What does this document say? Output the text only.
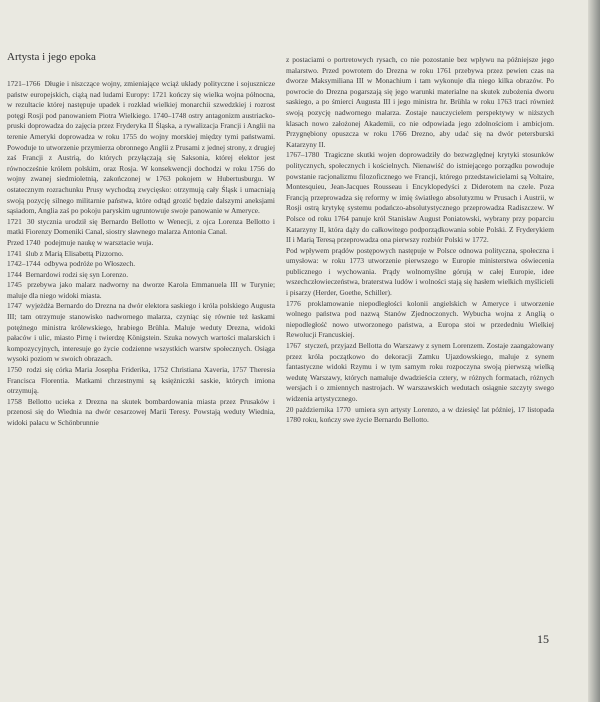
Artysta i jego epoka

1721–1766 Długie i niszczące wojny, zmieniające wciąż układy polityczne i sojusznicze państw europejskich, ciążą nad ludami Europy: 1721 kończy się wielka wojna północna, w rezultacie której następuje upadek i rozkład wielkiej monarchii szwedzkiej i rozrost potęgi Rosji pod panowaniem Piotra Wielkiego. 1740–1748 ostry antagonizm austriacko-pruski doprowadza do zajęcia przez Fryderyka II Śląska, a rywalizacja Francji i Anglii na terenie Ameryki doprowadza w roku 1755 do wojny morskiej między tymi państwami. Powoduje to utworzenie przymierza obronnego Anglii z Prusami z jednej strony, z drugiej zaś Francji z Austrią, do których przyłączają się Saksonia, której elektor jest równocześnie królem polskim, oraz Rosja. W konsekwencji dochodzi w roku 1756 do wojny zwanej siedmioletnią, zakończonej w 1763 pokojem w Hubertusburgu. W ostatecznym rozrachunku Prusy wychodzą zwycięsko: otrzymują cały Śląsk i umacniają swoją pozycję silnego militarnie państwa, które odtąd grozić będzie dalszymi aneksjami sąsiadom, Anglia zaś po pokoju paryskim ugruntowuje swoje panowanie w Ameryce.

1721 30 stycznia urodził się Bernardo Bellotto w Wenecji, z ojca Lorenza Bellotto i matki Fiorenzy Domeniki Canal, siostry sławnego malarza Antonia Canal.

Przed 1740 podejmuje naukę w warsztacie wuja.

1741 ślub z Marią Elisabettą Pizzorno.

1742–1744 odbywa podróże po Włoszech.

1744 Bernardowi rodzi się syn Lorenzo.

1745 przebywa jako malarz nadworny na dworze Karola Emmanuela III w Turynie; maluje dla niego widoki miasta.

1747 wyjeżdża Bernardo do Drezna na dwór elektora saskiego i króla polskiego Augusta III; tam otrzymuje stanowisko nadwornego malarza, czyniąc się równie też łaskami potężnego ministra królewskiego, hrabiego Brühla. Maluje weduty Drezna, widoki pałaców i ulic, miasto Pirnę i twierdzę Königstein. Szuka nowych wartości malarskich i kompozycyjnych, interesuje go życie codzienne wszystkich warstw społecznych. Osiąga wysoki poziom w swoich obrazach.

1750 rodzi się córka Maria Josepha Friderika, 1752 Christiana Xaveria, 1757 Theresia Francisca Florentia. Matkami chrzestnymi są księżniczki saskie, których imiona otrzymują.

1758 Bellotto ucieka z Drezna na skutek bombardowania miasta przez Prusaków i przenosi się do Wiednia na dwór cesarzowej Marii Teresy. Powstają weduty Wiednia, widoki pałacu w Schönbrunnie

z postaciami o portretowych rysach, co nie pozostanie bez wpływu na późniejsze jego malarstwo. Przed powrotem do Drezna w roku 1761 przebywa przez pewien czas na dworze Maksymiliana III w Monachium i tam wykonuje dla niego kilka obrazów. Po powrocie do Drezna pogarszają się jego warunki materialne na skutek zubożenia dworu saskiego, a po śmierci Augusta III i jego ministra hr. Brühla w roku 1763 traci również swoją pozycję nadwornego malarza. Zostaje nauczycielem perspektywy w niższych klasach nowo założonej Akademii, co nie odpowiada jego zdolnościom i ambicjom. Przygnębiony opuszcza w roku 1766 Drezno, aby udać się na dwór petersburski Katarzyny II.

1767–1780 Tragiczne skutki wojen doprowadziły do bezwzględnej krytyki stosunków politycznych, społecznych i kościelnych. Nienawiść do istniejącego porządku powoduje powstanie racjonalizmu filozoficznego we Francji, którego przedstawicielami są Voltaire, Montesquieu, Jean-Jacques Rousseau i Encyklopedyści z Diderotem na czele. Poza Francją przeprowadza się reformy w imię światłego absolutyzmu w Prusach i Austrii, w Rosji ostrą krytykę systemu podańczo-absolutystycznego przeprowadza Radiszczew. W Polsce od roku 1764 panuje król Stanisław August Poniatowski, wybrany przy poparciu Katarzyny II, która dąży do całkowitego podporządkowania sobie Polski. Z Fryderykiem II i Marią Teresą przeprowadza ona pierwszy rozbiór Polski w 1772.

Pod wpływem prądów postępowych następuje w Polsce odnowa polityczna, społeczna i umysłowa: w roku 1773 utworzenie pierwszego w Europie ministerstwa oświecenia publicznego i wychowania. Prądy wolnomyślne górują w całej Europie, idee wszechczłowieczeństwa, braterstwa ludów i wolności stają się hasłem wielkich myślicieli i pisarzy (Herder, Goethe, Schiller).

1776 proklamowanie niepodległości kolonii angielskich w Ameryce i utworzenie wolnego państwa pod nazwą Stanów Zjednoczonych. Wybucha wojna z Anglią o niepodległość nowo utworzonego państwa, a Europa stoi w przededniu Wielkiej Rewolucji Francuskiej.

1767 styczeń, przyjazd Bellotta do Warszawy z synem Lorenzem. Zostaje zaangażowany przez króla początkowo do dekoracji Zamku Ujazdowskiego, maluje z synem fantastyczne widoki Rzymu i w tym samym roku rozpoczyna swoją pierwszą wielką wedutę Warszawy, których namaluje dwadzieścia cztery, w różnych formatach, różnych wersjach i o zmiennych nastrojach. W warszawskich wedutach osiągnie szczyty swego widzenia artystycznego.

20 października 1770 umiera syn artysty Lorenzo, a w dziesięć lat później, 17 listopada 1780 roku, kończy swe życie Bernardo Bellotto.

15
